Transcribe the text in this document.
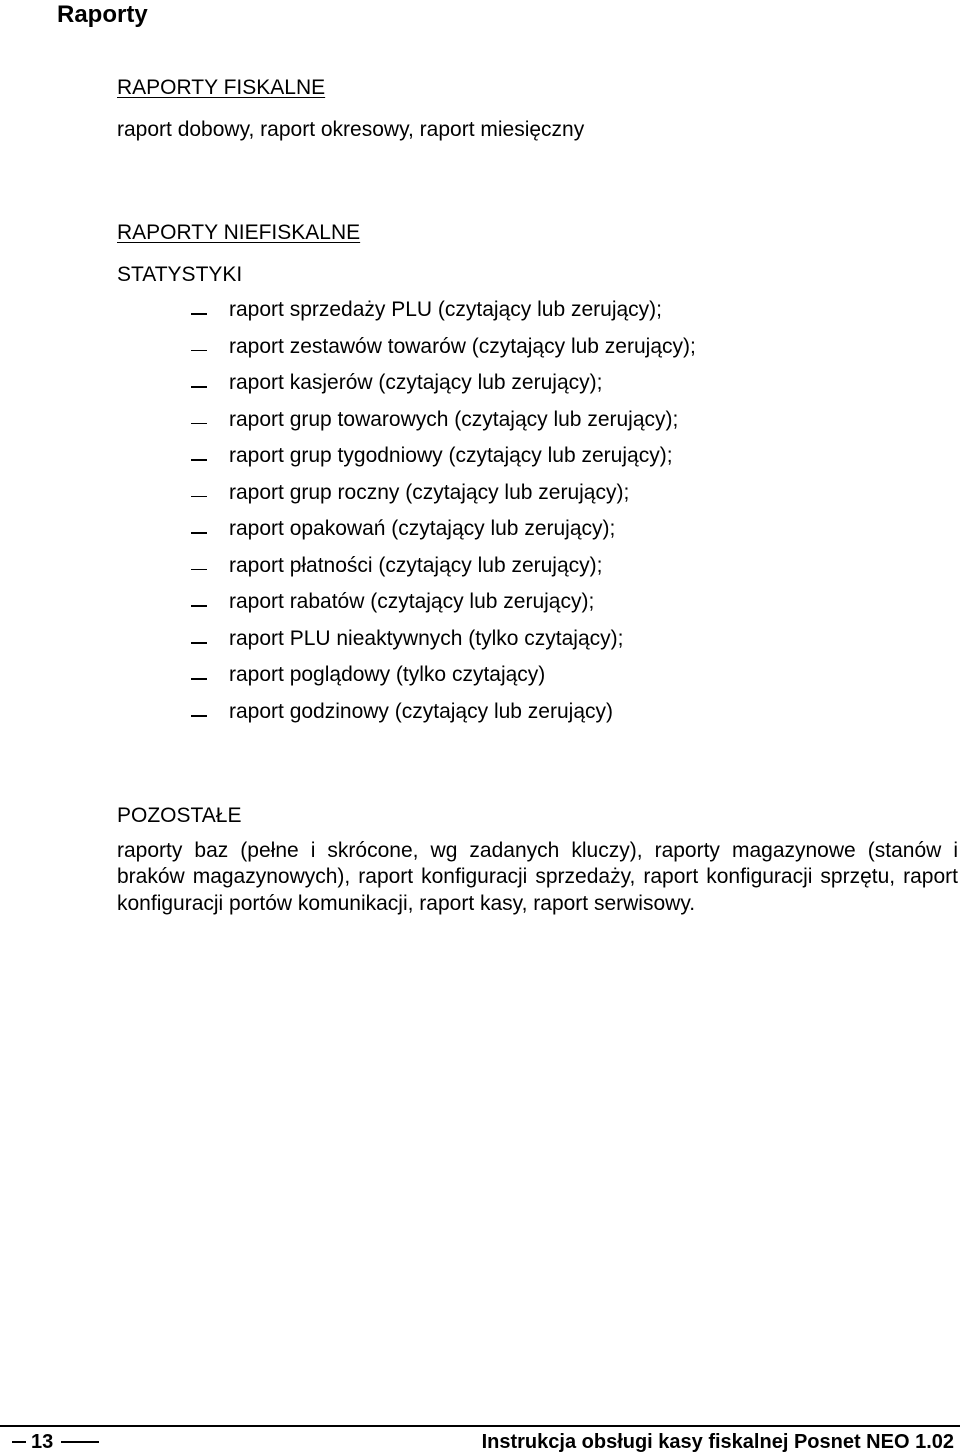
Raporty
RAPORTY FISKALNE
raport dobowy, raport okresowy, raport miesięczny
RAPORTY NIEFISKALNE
STATYSTYKI
raport sprzedaży PLU (czytający lub zerujący);
raport zestawów towarów (czytający lub zerujący);
raport kasjerów (czytający lub zerujący);
raport grup towarowych (czytający lub zerujący);
raport grup tygodniowy (czytający lub zerujący);
raport grup roczny (czytający lub zerujący);
raport opakowań (czytający lub zerujący);
raport płatności (czytający lub zerujący);
raport rabatów (czytający lub zerujący);
raport PLU nieaktywnych (tylko czytający);
raport poglądowy (tylko czytający)
raport godzinowy (czytający lub zerujący)
POZOSTAŁE

raporty baz (pełne i skrócone, wg zadanych kluczy), raporty magazynowe (stanów i braków magazynowych), raport konfiguracji sprzedaży, raport konfiguracji sprzętu, raport konfiguracji portów komunikacji, raport kasy, raport serwisowy.

13	Instrukcja obsługi kasy fiskalnej Posnet NEO 1.02
